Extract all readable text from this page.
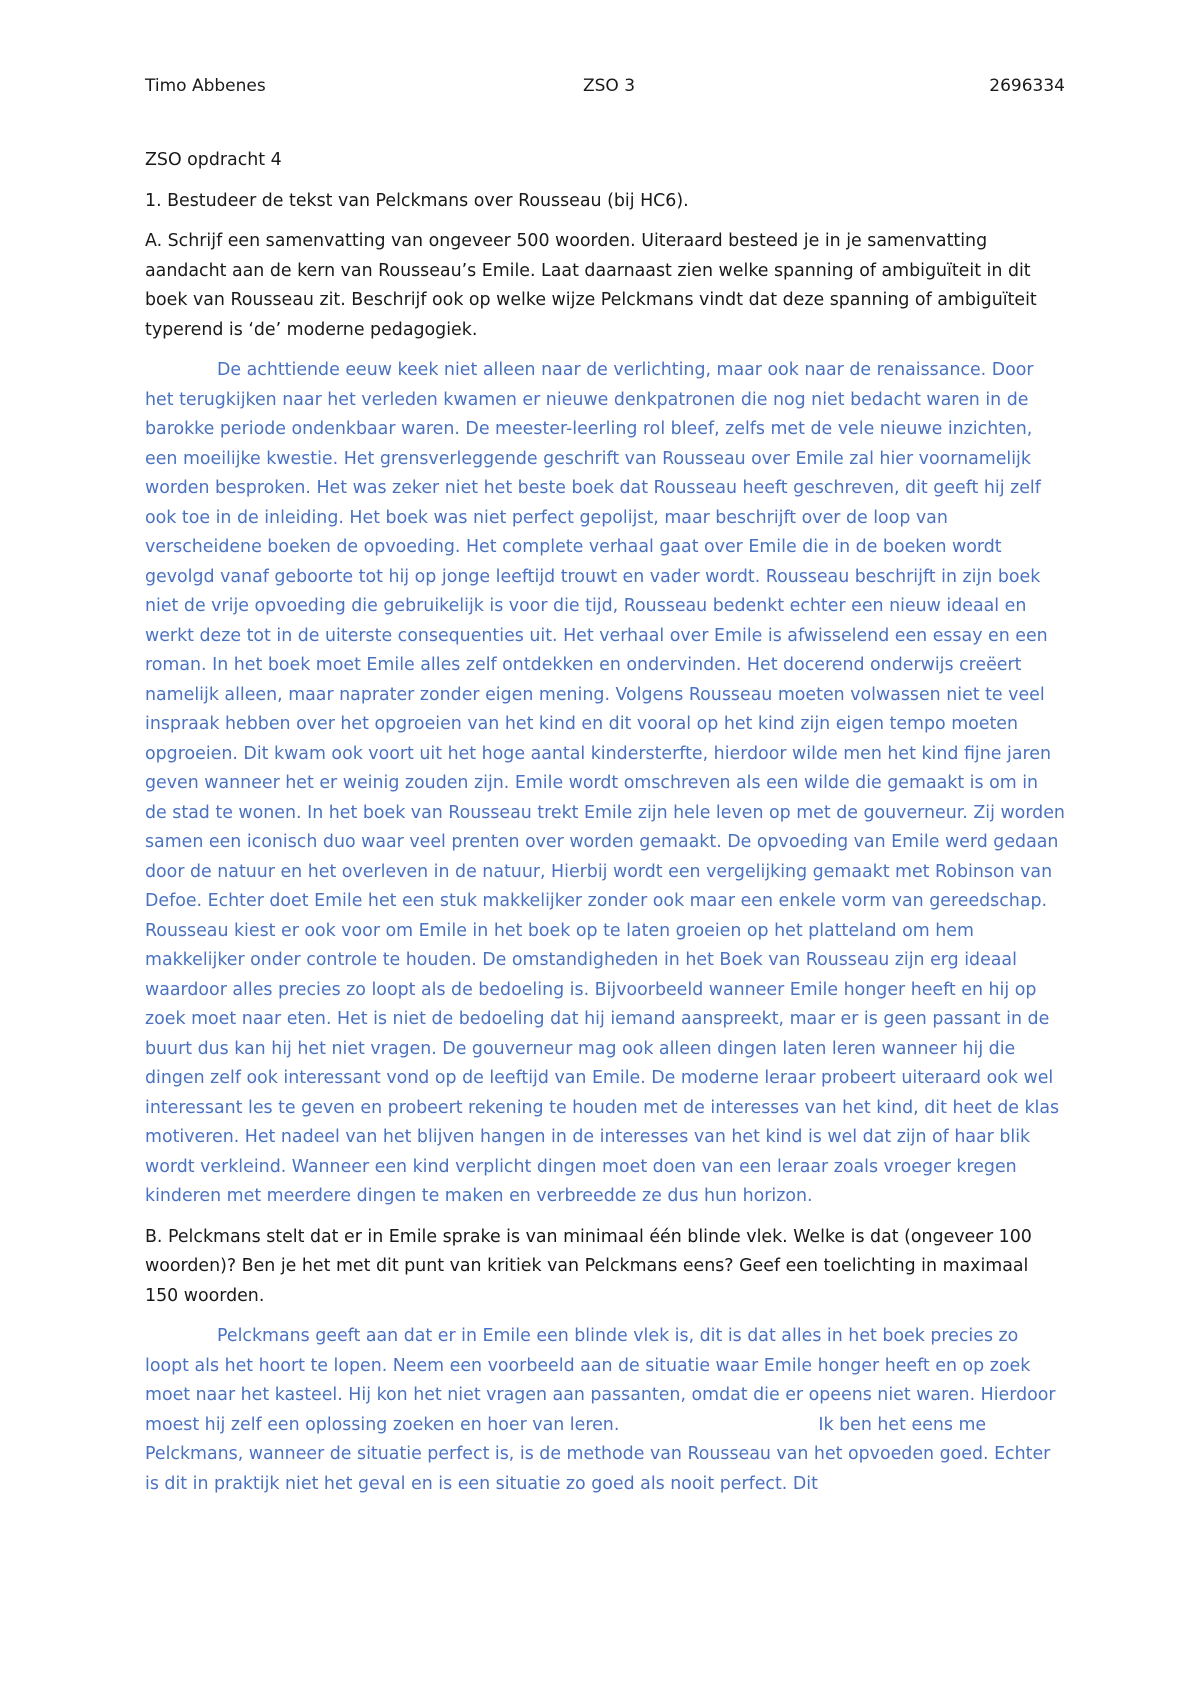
Timo Abbenes	ZSO 3	2696334

ZSO opdracht 4

1. Bestudeer de tekst van Pelckmans over Rousseau (bij HC6).

A. Schrijf een samenvatting van ongeveer 500 woorden. Uiteraard besteed je in je samenvatting aandacht aan de kern van Rousseau’s Emile. Laat daarnaast zien welke spanning of ambiguïteit in dit boek van Rousseau zit. Beschrijf ook op welke wijze Pelckmans vindt dat deze spanning of ambiguïteit typerend is ‘de’ moderne pedagogiek.

De achttiende eeuw keek niet alleen naar de verlichting, maar ook naar de renaissance. Door het terugkijken naar het verleden kwamen er nieuwe denkpatronen die nog niet bedacht waren in de barokke periode ondenkbaar waren. De meester-leerling rol bleef, zelfs met de vele nieuwe inzichten, een moeilijke kwestie. Het grensverleggende geschrift van Rousseau over Emile zal hier voornamelijk worden besproken. Het was zeker niet het beste boek dat Rousseau heeft geschreven, dit geeft hij zelf ook toe in de inleiding. Het boek was niet perfect gepolijst, maar beschrijft over de loop van verscheidene boeken de opvoeding. Het complete verhaal gaat over Emile die in de boeken wordt gevolgd vanaf geboorte tot hij op jonge leeftijd trouwt en vader wordt. Rousseau beschrijft in zijn boek niet de vrije opvoeding die gebruikelijk is voor die tijd, Rousseau bedenkt echter een nieuw ideaal en werkt deze tot in de uiterste consequenties uit. Het verhaal over Emile is afwisselend een essay en een roman. In het boek moet Emile alles zelf ontdekken en ondervinden. Het docerend onderwijs creëert namelijk alleen, maar naprater zonder eigen mening. Volgens Rousseau moeten volwassen niet te veel inspraak hebben over het opgroeien van het kind en dit vooral op het kind zijn eigen tempo moeten opgroeien. Dit kwam ook voort uit het hoge aantal kindersterfte, hierdoor wilde men het kind fijne jaren geven wanneer het er weinig zouden zijn. Emile wordt omschreven als een wilde die gemaakt is om in de stad te wonen. In het boek van Rousseau trekt Emile zijn hele leven op met de gouverneur. Zij worden samen een iconisch duo waar veel prenten over worden gemaakt. De opvoeding van Emile werd gedaan door de natuur en het overleven in de natuur, Hierbij wordt een vergelijking gemaakt met Robinson van Defoe. Echter doet Emile het een stuk makkelijker zonder ook maar een enkele vorm van gereedschap. Rousseau kiest er ook voor om Emile in het boek op te laten groeien op het platteland om hem makkelijker onder controle te houden. De omstandigheden in het Boek van Rousseau zijn erg ideaal waardoor alles precies zo loopt als de bedoeling is. Bijvoorbeeld wanneer Emile honger heeft en hij op zoek moet naar eten. Het is niet de bedoeling dat hij iemand aanspreekt, maar er is geen passant in de buurt dus kan hij het niet vragen. De gouverneur mag ook alleen dingen laten leren wanneer hij die dingen zelf ook interessant vond op de leeftijd van Emile. De moderne leraar probeert uiteraard ook wel interessant les te geven en probeert rekening te houden met de interesses van het kind, dit heet de klas motiveren. Het nadeel van het blijven hangen in de interesses van het kind is wel dat zijn of haar blik wordt verkleind. Wanneer een kind verplicht dingen moet doen van een leraar zoals vroeger kregen kinderen met meerdere dingen te maken en verbreedde ze dus hun horizon.

B. Pelckmans stelt dat er in Emile sprake is van minimaal één blinde vlek. Welke is dat (ongeveer 100 woorden)? Ben je het met dit punt van kritiek van Pelckmans eens? Geef een toelichting in maximaal 150 woorden.

Pelckmans geeft aan dat er in Emile een blinde vlek is, dit is dat alles in het boek precies zo loopt als het hoort te lopen. Neem een voorbeeld aan de situatie waar Emile honger heeft en op zoek moet naar het kasteel. Hij kon het niet vragen aan passanten, omdat die er opeens niet waren. Hierdoor moest hij zelf een oplossing zoeken en hoer van leren.                                    Ik ben het eens me Pelckmans, wanneer de situatie perfect is, is de methode van Rousseau van het opvoeden goed. Echter is dit in praktijk niet het geval en is een situatie zo goed als nooit perfect. Dit
